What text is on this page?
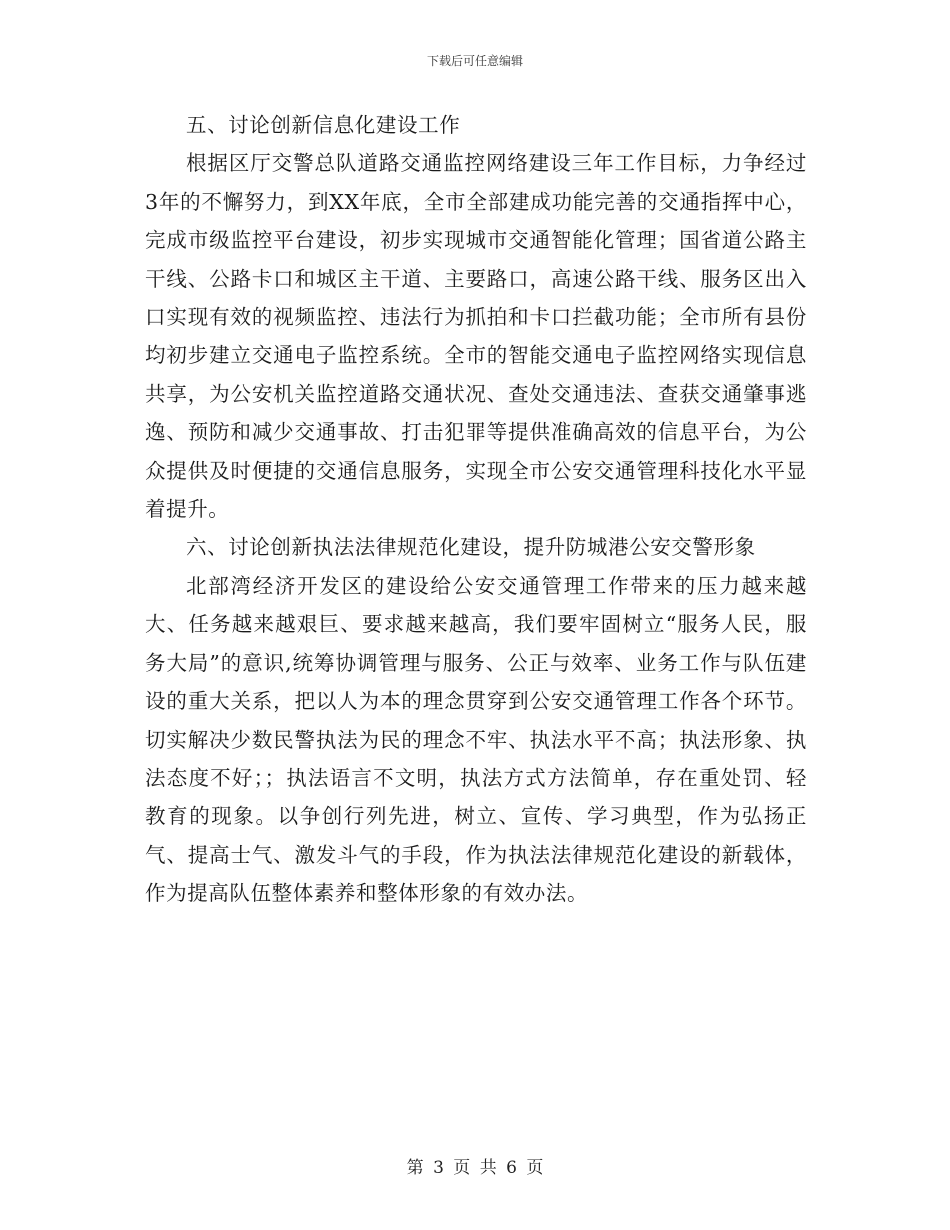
下载后可任意编辑

五、讨论创新信息化建设工作

根据区厅交警总队道路交通监控网络建设三年工作目标，力争经过3年的不懈努力，到XX年底，全市全部建成功能完善的交通指挥中心，完成市级监控平台建设，初步实现城市交通智能化管理；国省道公路主干线、公路卡口和城区主干道、主要路口，高速公路干线、服务区出入口实现有效的视频监控、违法行为抓拍和卡口拦截功能；全市所有县份均初步建立交通电子监控系统。全市的智能交通电子监控网络实现信息共享，为公安机关监控道路交通状况、查处交通违法、查获交通肇事逃逸、预防和减少交通事故、打击犯罪等提供准确高效的信息平台，为公众提供及时便捷的交通信息服务，实现全市公安交通管理科技化水平显着提升。

六、讨论创新执法法律规范化建设，提升防城港公安交警形象

北部湾经济开发区的建设给公安交通管理工作带来的压力越来越大、任务越来越艰巨、要求越来越高，我们要牢固树立“服务人民，服务大局”的意识,统筹协调管理与服务、公正与效率、业务工作与队伍建设的重大关系，把以人为本的理念贯穿到公安交通管理工作各个环节。切实解决少数民警执法为民的理念不牢、执法水平不高；执法形象、执法态度不好；；执法语言不文明，执法方式方法简单，存在重处罚、轻教育的现象。以争创行列先进，树立、宣传、学习典型，作为弘扬正气、提高士气、激发斗气的手段，作为执法法律规范化建设的新载体，作为提高队伍整体素养和整体形象的有效办法。

第 3 页 共 6 页
